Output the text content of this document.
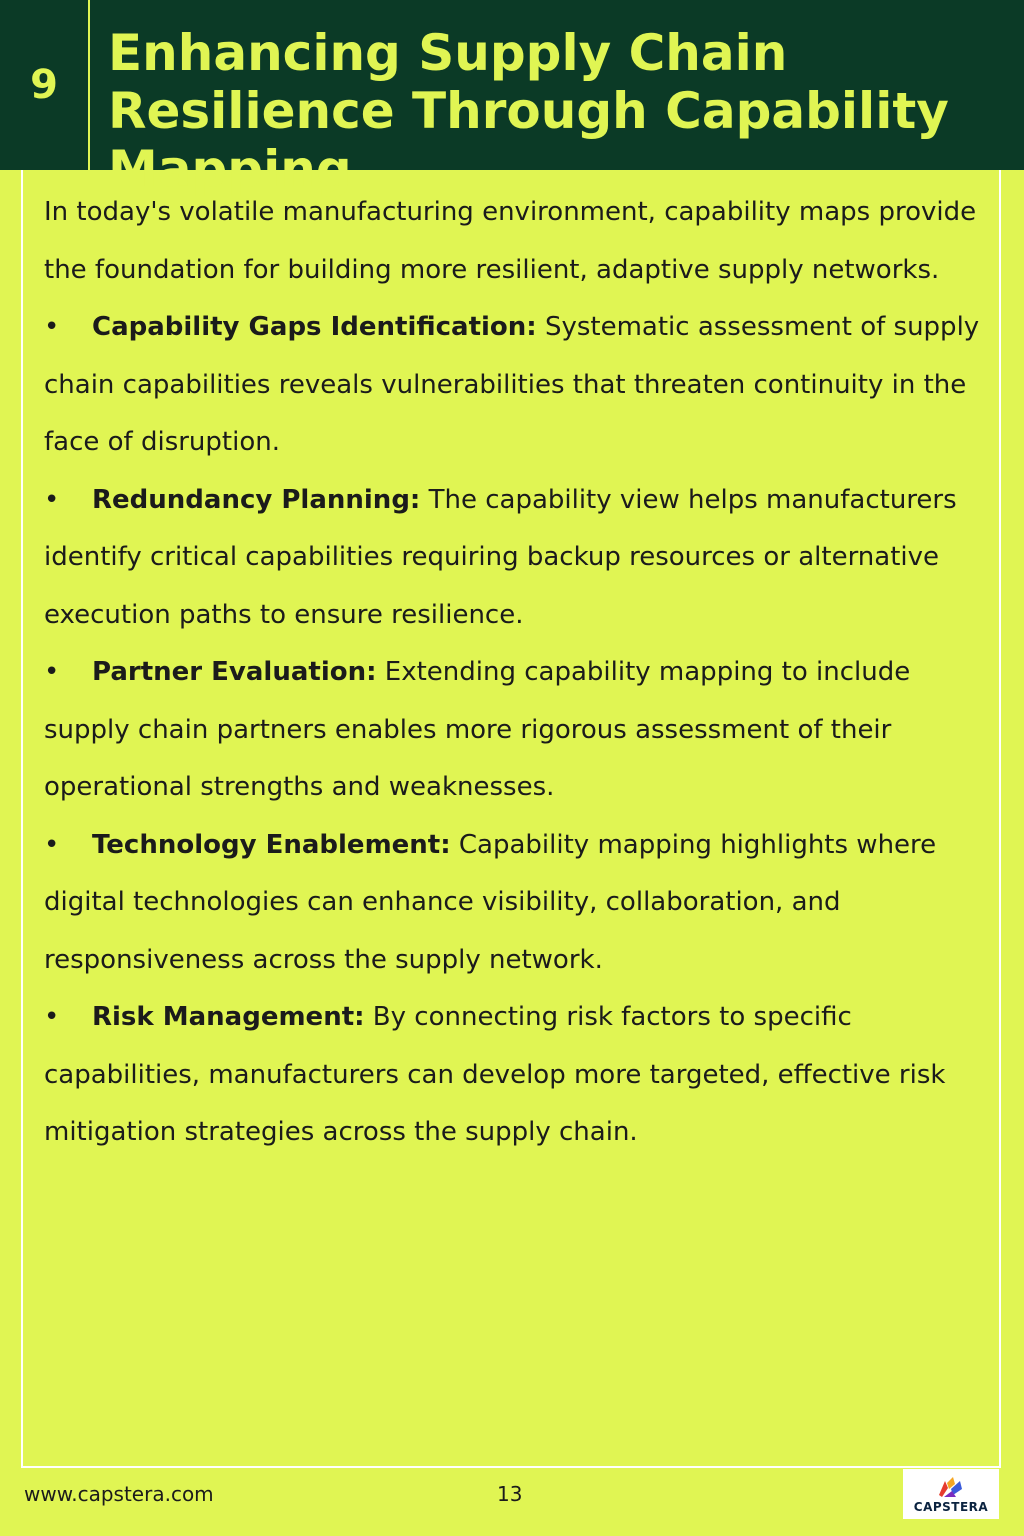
9
Enhancing Supply Chain Resilience Through Capability Mapping

In today's volatile manufacturing environment, capability maps provide the foundation for building more resilient, adaptive supply networks.

• Capability Gaps Identification: Systematic assessment of supply chain capabilities reveals vulnerabilities that threaten continuity in the face of disruption.
• Redundancy Planning: The capability view helps manufacturers identify critical capabilities requiring backup resources or alternative execution paths to ensure resilience.
• Partner Evaluation: Extending capability mapping to include supply chain partners enables more rigorous assessment of their operational strengths and weaknesses.
• Technology Enablement: Capability mapping highlights where digital technologies can enhance visibility, collaboration, and responsiveness across the supply network.
• Risk Management: By connecting risk factors to specific capabilities, manufacturers can develop more targeted, effective risk mitigation strategies across the supply chain.
www.capstera.com	13
CAPSTERA
